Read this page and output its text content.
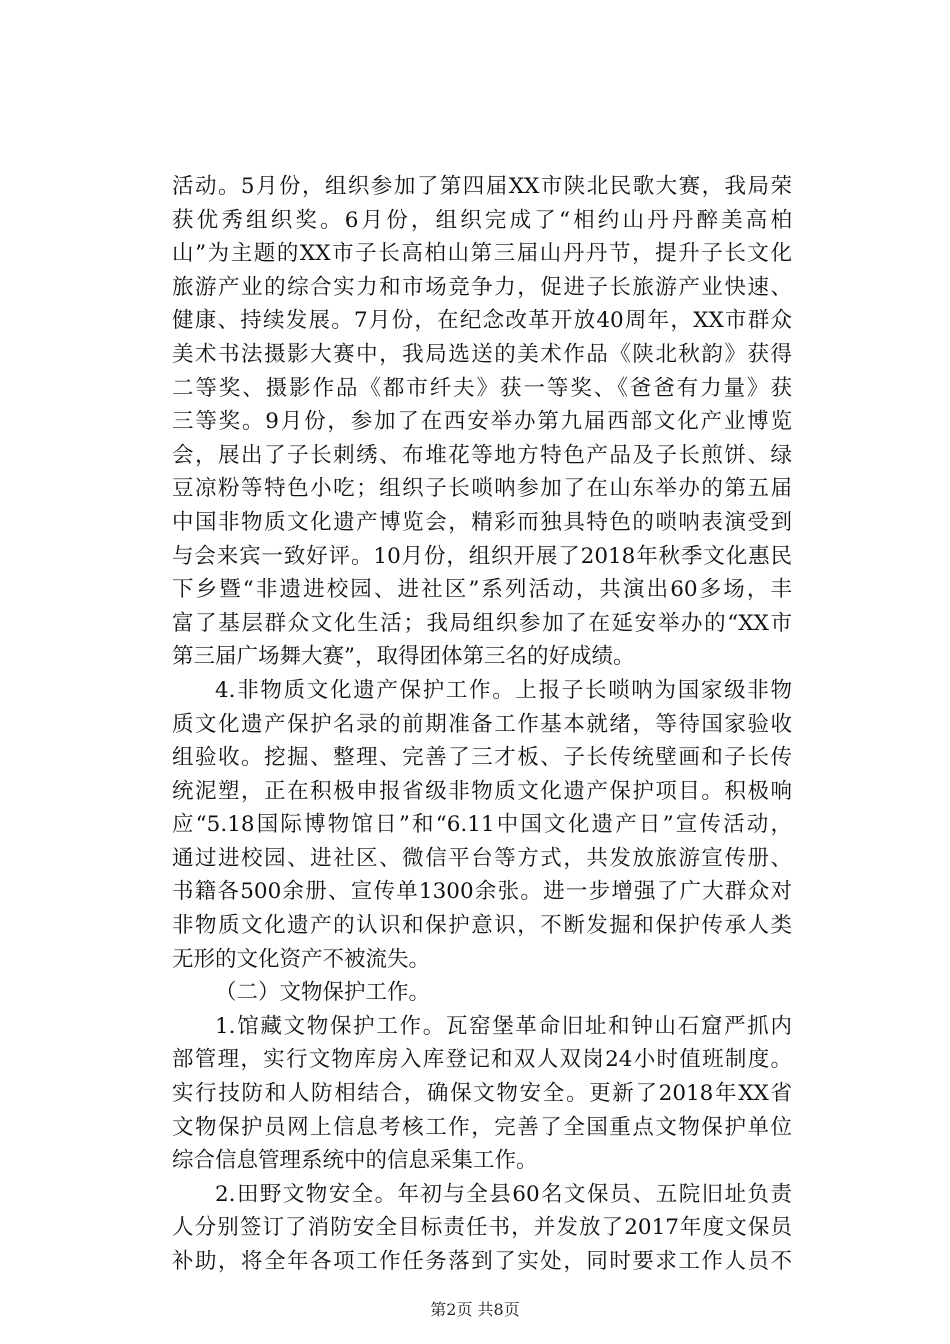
活动。5月份，组织参加了第四届XX市陕北民歌大赛，我局荣
获优秀组织奖。6月份，组织完成了“相约山丹丹醉美高柏
山”为主题的XX市子长高柏山第三届山丹丹节，提升子长文化
旅游产业的综合实力和市场竞争力，促进子长旅游产业快速、
健康、持续发展。7月份，在纪念改革开放40周年，XX市群众
美术书法摄影大赛中，我局选送的美术作品《陕北秋韵》获得
二等奖、摄影作品《都市纤夫》获一等奖、《爸爸有力量》获
三等奖。9月份，参加了在西安举办第九届西部文化产业博览
会，展出了子长刺绣、布堆花等地方特色产品及子长煎饼、绿
豆凉粉等特色小吃；组织子长唢呐参加了在山东举办的第五届
中国非物质文化遗产博览会，精彩而独具特色的唢呐表演受到
与会来宾一致好评。10月份，组织开展了2018年秋季文化惠民
下乡暨“非遗进校园、进社区”系列活动，共演出60多场，丰
富了基层群众文化生活；我局组织参加了在延安举办的“XX市
第三届广场舞大赛”，取得团体第三名的好成绩。
4.非物质文化遗产保护工作。上报子长唢呐为国家级非物
质文化遗产保护名录的前期准备工作基本就绪，等待国家验收
组验收。挖掘、整理、完善了三才板、子长传统壁画和子长传
统泥塑，正在积极申报省级非物质文化遗产保护项目。积极响
应“5.18国际博物馆日”和“6.11中国文化遗产日”宣传活动，
通过进校园、进社区、微信平台等方式，共发放旅游宣传册、
书籍各500余册、宣传单1300余张。进一步增强了广大群众对
非物质文化遗产的认识和保护意识，不断发掘和保护传承人类
无形的文化资产不被流失。
（二）文物保护工作。
1.馆藏文物保护工作。瓦窑堡革命旧址和钟山石窟严抓内
部管理，实行文物库房入库登记和双人双岗24小时值班制度。
实行技防和人防相结合，确保文物安全。更新了2018年XX省
文物保护员网上信息考核工作，完善了全国重点文物保护单位
综合信息管理系统中的信息采集工作。
2.田野文物安全。年初与全县60名文保员、五院旧址负责
人分别签订了消防安全目标责任书，并发放了2017年度文保员
补助，将全年各项工作任务落到了实处，同时要求工作人员不
第2页 共8页
